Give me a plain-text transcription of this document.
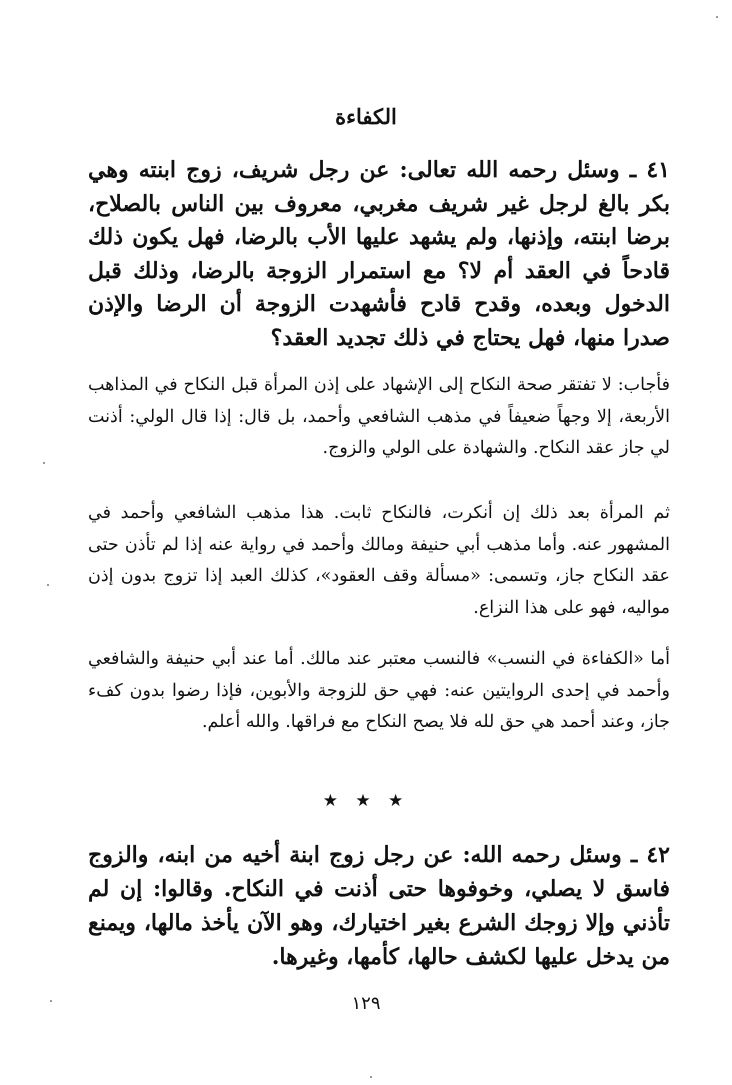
الكفاءة
٤١ ـ وسئل رحمه الله تعالى: عن رجل شريف، زوج ابنته وهي بكر بالغ لرجل غير شريف مغربي، معروف بين الناس بالصلاح، برضا ابنته، وإذنها، ولم يشهد عليها الأب بالرضا، فهل يكون ذلك قادحاً في العقد أم لا؟ مع استمرار الزوجة بالرضا، وذلك قبل الدخول وبعده، وقدح قادح فأشهدت الزوجة أن الرضا والإذن صدرا منها، فهل يحتاج في ذلك تجديد العقد؟

فأجاب: لا تفتقر صحة النكاح إلى الإشهاد على إذن المرأة قبل النكاح في المذاهب الأربعة، إلا وجهاً ضعيفاً في مذهب الشافعي وأحمد، بل قال: إذا قال الولي: أذنت لي جاز عقد النكاح. والشهادة على الولي والزوج.

ثم المرأة بعد ذلك إن أنكرت، فالنكاح ثابت. هذا مذهب الشافعي وأحمد في المشهور عنه. وأما مذهب أبي حنيفة ومالك وأحمد في رواية عنه إذا لم تأذن حتى عقد النكاح جاز، وتسمى: «مسألة وقف العقود»، كذلك العبد إذا تزوج بدون إذن مواليه، فهو على هذا النزاع.

أما «الكفاءة في النسب» فالنسب معتبر عند مالك. أما عند أبي حنيفة والشافعي وأحمد في إحدى الروايتين عنه: فهي حق للزوجة والأبوين، فإذا رضوا بدون كفء جاز، وعند أحمد هي حق لله فلا يصح النكاح مع فراقها. والله أعلم.

★ ★ ★
٤٢ ـ وسئل رحمه الله: عن رجل زوج ابنة أخيه من ابنه، والزوج فاسق لا يصلي، وخوفوها حتى أذنت في النكاح. وقالوا: إن لم تأذني وإلا زوجك الشرع بغير اختيارك، وهو الآن يأخذ مالها، ويمنع من يدخل عليها لكشف حالها، كأمها، وغيرها.
١٢٩
